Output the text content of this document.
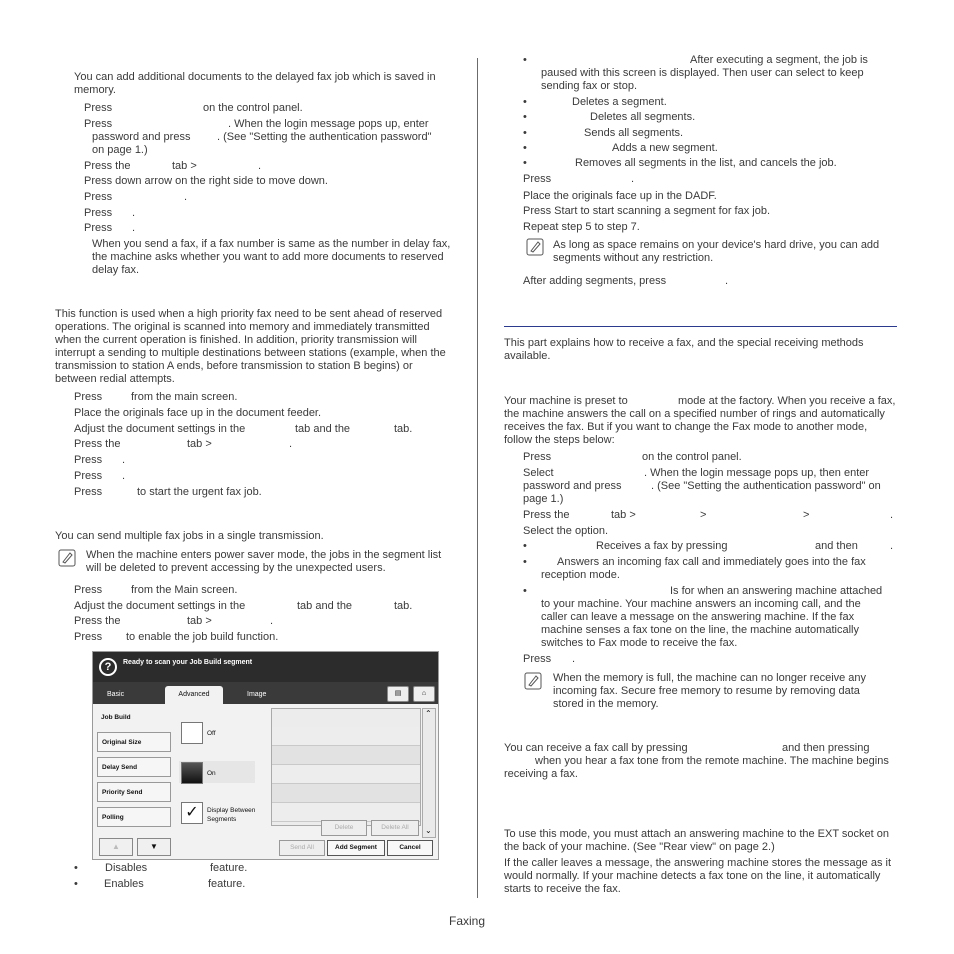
You can add additional documents to the delayed fax job which is saved in memory.
Press	on the control panel.
Press	. When the login message pops up, enter
password and press . (See "Setting the authentication password"
on page 1.)
Press the	tab >	.
Press down arrow on the right side to move down.
Press	.
Press .
Press .
When you send a fax, if a fax number is same as the number in delay fax, the machine asks whether you want to add more documents to reserved delay fax.
This function is used when a high priority fax need to be sent ahead of reserved operations. The original is scanned into memory and immediately transmitted when the current operation is finished. In addition, priority transmission will interrupt a sending to multiple destinations between stations (example, when the transmission to station A ends, before transmission to station B begins) or between redial attempts.
Press	from the main screen.
Place the originals face up in the document feeder.
Adjust the document settings in the	tab and the	tab.
Press the	tab >	.
Press .
Press .
Press	to start the urgent fax job.
You can send multiple fax jobs in a single transmission.
When the machine enters power saver mode, the jobs in the segment list will be deleted to prevent accessing by the unexpected users.
Press	from the Main screen.
Adjust the document settings in the	tab and the	tab.
Press the	tab >	.
Press to enable the job build function.
?	Ready to scan your Job Build segment
Basic	Advanced	Image	▤	⌂
Job Build
Original Size
Delay Send
Priority Send
Polling
Off
On
✓	Display Between Segments
⌃
⌄
Delete	Delete All
▲	▼	Send All	Add Segment	Cancel
• Disables	feature.
• Enables	feature.
•	After executing a segment, the job is
paused with this screen is displayed. Then user can select to keep
sending fax or stop.
•	Deletes a segment.
•	Deletes all segments.
•	Sends all segments.
•	Adds a new segment.
•	Removes all segments in the list, and cancels the job.
Press	.
Place the originals face up in the DADF.
Press Start to start scanning a segment for fax job.
Repeat step 5 to step 7.
As long as space remains on your device's hard drive, you can add segments without any restriction.
After adding segments, press	.
This part explains how to receive a fax, and the special receiving methods available.
Your machine is preset to	mode at the factory. When you receive a fax,
the machine answers the call on a specified number of rings and automatically receives the fax. But if you want to change the Fax mode to another mode, follow the steps below:
Press	on the control panel.
Select	. When the login message pops up, then enter
password and press	. (See "Setting the authentication password" on
page 1.)
Press the	tab >	>	>	.
Select the option.
•	Receives a fax by pressing	and then	.
•	Answers an incoming fax call and immediately goes into the fax
reception mode.
•	Is for when an answering machine attached
to your machine. Your machine answers an incoming call, and the
caller can leave a message on the answering machine. If the fax
machine senses a fax tone on the line, the machine automatically
switches to Fax mode to receive the fax.
Press .
When the memory is full, the machine can no longer receive any incoming fax. Secure free memory to resume by removing data stored in the memory.
You can receive a fax call by pressing	and then pressing
when you hear a fax tone from the remote machine. The machine begins receiving a fax.
To use this mode, you must attach an answering machine to the EXT socket on the back of your machine. (See "Rear view" on page 2.)
If the caller leaves a message, the answering machine stores the message as it would normally. If your machine detects a fax tone on the line, it automatically starts to receive the fax.
Faxing
